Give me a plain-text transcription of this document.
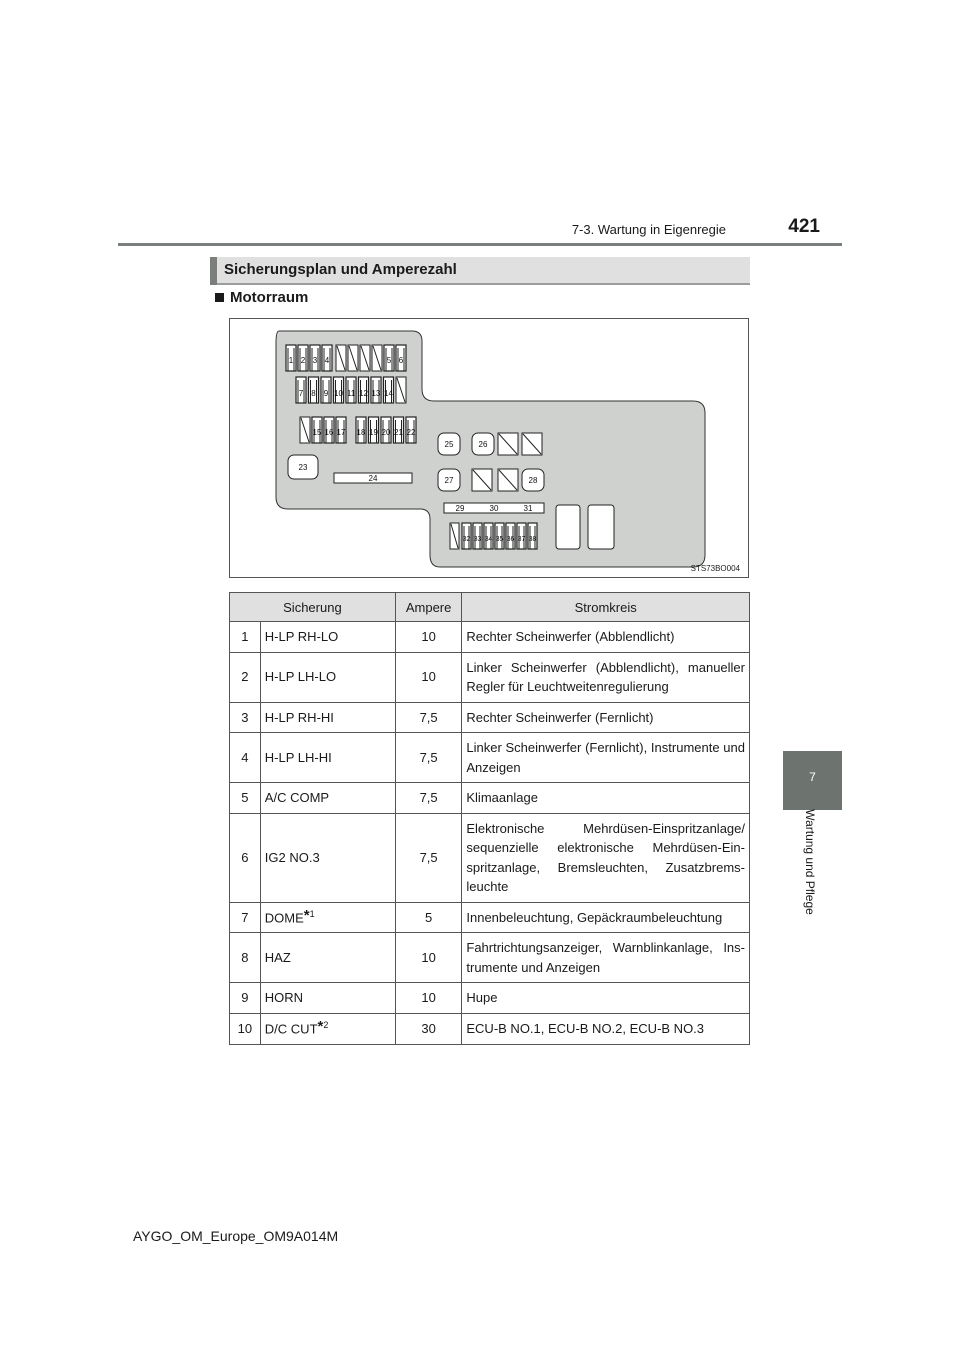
7-3. Wartung in Eigenregie	421
7
Wartung und Pflege
Sicherungsplan und Amperezahl
Motorraum
1 2 3 4	5 6
7 8 9 10 11 12 13 14
15 16 17 18 19 20 21 22
23
24
25	26
27	28
29	30	31
32 33 34 35 36 37 38
STS73BO004
Sicherung		Ampere	Stromkreis
1	H-LP RH-LO	10	Rechter Scheinwerfer (Abblendlicht)
2	H-LP LH-LO	10	Linker Scheinwerfer (Abblendlicht), manueller Regler für Leuchtweitenregulierung
3	H-LP RH-HI	7,5	Rechter Scheinwerfer (Fernlicht)
4	H-LP LH-HI	7,5	Linker Scheinwerfer (Fernlicht), Instrumente und Anzeigen
5	A/C COMP	7,5	Klimaanlage
6	IG2 NO.3	7,5	Elektronische Mehrdüsen-Einspritzanlage/ sequenzielle elektronische Mehrdüsen-Ein-spritzanlage, Bremsleuchten, Zusatzbrems-leuchte
7	DOME*$^1$	5	Innenbeleuchtung, Gepäckraumbeleuchtung
8	HAZ	10	Fahrtrichtungsanzeiger, Warnblinkanlage, Ins-trumente und Anzeigen
9	HORN	10	Hupe
10	D/C CUT*$^2$	30	ECU-B NO.1, ECU-B NO.2, ECU-B NO.3
AYGO_OM_Europe_OM9A014M
